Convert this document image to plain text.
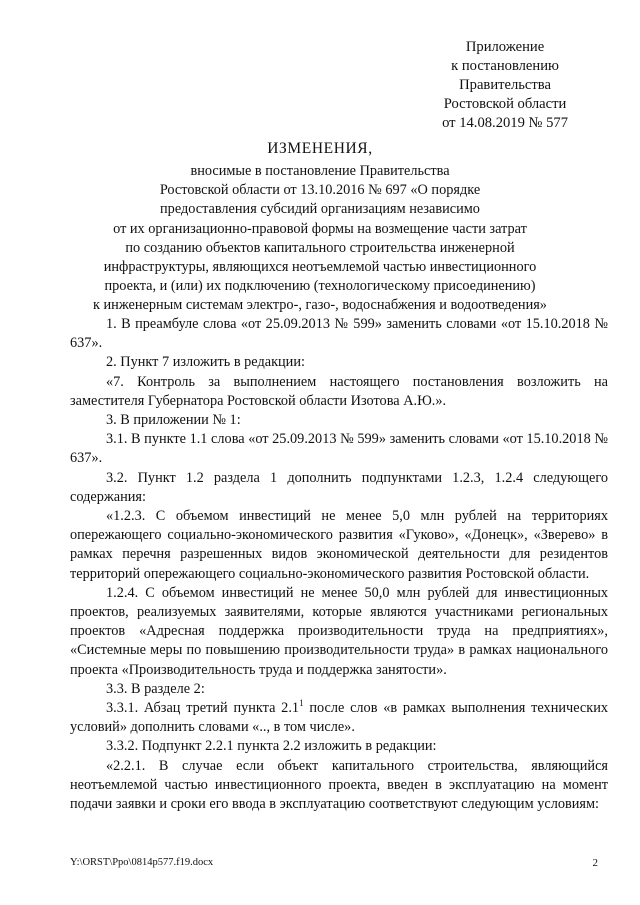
Приложение
к постановлению
Правительства
Ростовской области
от 14.08.2019 № 577
ИЗМЕНЕНИЯ,
вносимые в постановление Правительства
Ростовской области от 13.10.2016 № 697 «О порядке
предоставления субсидий организациям независимо
от их организационно-правовой формы на возмещение части затрат
по созданию объектов капитального строительства инженерной
инфраструктуры, являющихся неотъемлемой частью инвестиционного
проекта, и (или) их подключению (технологическому присоединению)
к инженерным системам электро-, газо-, водоснабжения и водоотведения»

1. В преамбуле слова «от 25.09.2013 № 599» заменить словами «от 15.10.2018 № 637».

2. Пункт 7 изложить в редакции:

«7. Контроль за выполнением настоящего постановления возложить на заместителя Губернатора Ростовской области Изотова А.Ю.».

3. В приложении № 1:

3.1. В пункте 1.1 слова «от 25.09.2013 № 599» заменить словами «от 15.10.2018 № 637».

3.2. Пункт 1.2 раздела 1 дополнить подпунктами 1.2.3, 1.2.4 следующего содержания:

«1.2.3. С объемом инвестиций не менее 5,0 млн рублей на территориях опережающего социально-экономического развития «Гуково», «Донецк», «Зверево» в рамках перечня разрешенных видов экономической деятельности для резидентов территорий опережающего социально-экономического развития Ростовской области.

1.2.4. С объемом инвестиций не менее 50,0 млн рублей для инвестиционных проектов, реализуемых заявителями, которые являются участниками региональных проектов «Адресная поддержка производительности труда на предприятиях», «Системные меры по повышению производительности труда» в рамках национального проекта «Производительность труда и поддержка занятости».

3.3. В разделе 2:

3.3.1. Абзац третий пункта $2.1^1$ после слов «в рамках выполнения технических условий» дополнить словами «.., в том числе».

3.3.2. Подпункт 2.2.1 пункта 2.2 изложить в редакции:

«2.2.1. В случае если объект капитального строительства, являющийся неотъемлемой частью инвестиционного проекта, введен в эксплуатацию на момент подачи заявки и сроки его ввода в эксплуатацию соответствуют следующим условиям:

Y:\ORST\Ppo\0814p577.f19.docx	2
